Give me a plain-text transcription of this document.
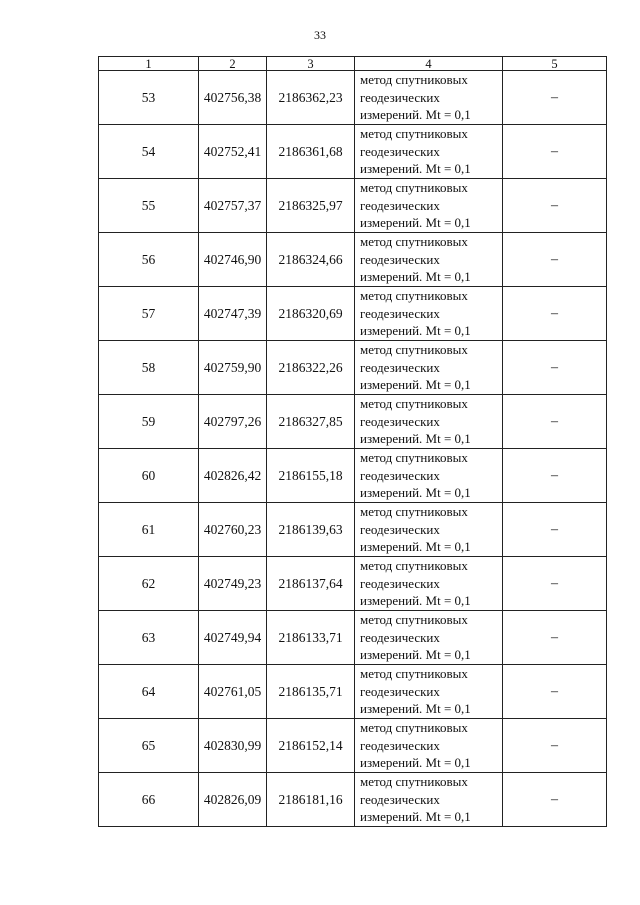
33
1	2	3	4	5
53	402756,38	2186362,23	метод спутниковых
геодезических
измерений. Mt = 0,1	–
54	402752,41	2186361,68	метод спутниковых
геодезических
измерений. Mt = 0,1	–
55	402757,37	2186325,97	метод спутниковых
геодезических
измерений. Mt = 0,1	–
56	402746,90	2186324,66	метод спутниковых
геодезических
измерений. Mt = 0,1	–
57	402747,39	2186320,69	метод спутниковых
геодезических
измерений. Mt = 0,1	–
58	402759,90	2186322,26	метод спутниковых
геодезических
измерений. Mt = 0,1	–
59	402797,26	2186327,85	метод спутниковых
геодезических
измерений. Mt = 0,1	–
60	402826,42	2186155,18	метод спутниковых
геодезических
измерений. Mt = 0,1	–
61	402760,23	2186139,63	метод спутниковых
геодезических
измерений. Mt = 0,1	–
62	402749,23	2186137,64	метод спутниковых
геодезических
измерений. Mt = 0,1	–
63	402749,94	2186133,71	метод спутниковых
геодезических
измерений. Mt = 0,1	–
64	402761,05	2186135,71	метод спутниковых
геодезических
измерений. Mt = 0,1	–
65	402830,99	2186152,14	метод спутниковых
геодезических
измерений. Mt = 0,1	–
66	402826,09	2186181,16	метод спутниковых
геодезических
измерений. Mt = 0,1	–
